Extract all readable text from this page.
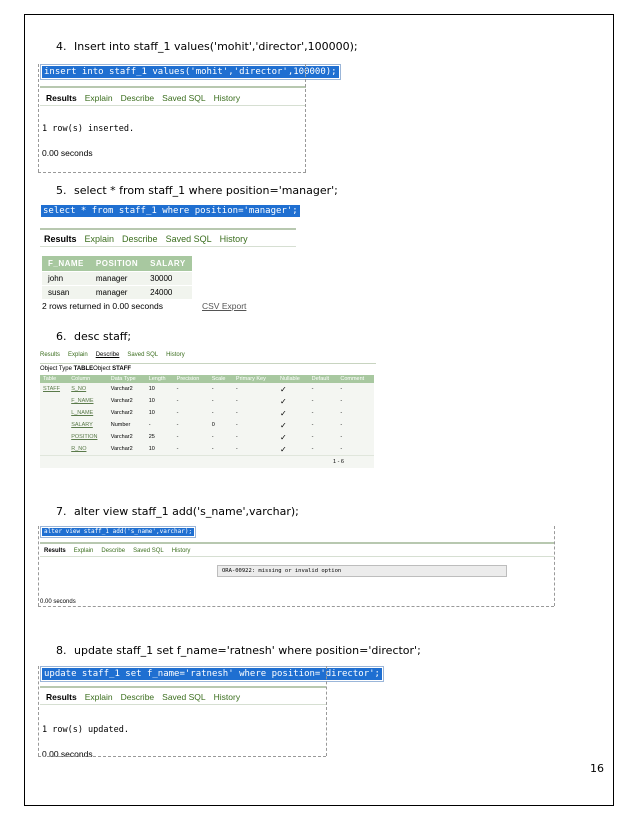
4. Insert into staff_1 values('mohit','director',100000);
insert into staff_1 values('mohit','director',100000);
Results Explain Describe Saved SQL History
1 row(s) inserted.
0.00 seconds
5. select * from staff_1 where position='manager';
select * from staff_1 where position='manager';
Results Explain Describe Saved SQL History
F_NAME	POSITION	SALARY
john	manager	30000
susan	manager	24000
2 rows returned in 0.00 seconds	CSV Export
6. desc staff;
Results Explain Describe Saved SQL History
Object Type TABLEObject STAFF
Table	Column	Data Type	Length	Precision	Scale	Primary Key	Nullable	Default	Comment
STAFF	S_NO	Varchar2	10	-	-	-	✓	-	-
	F_NAME	Varchar2	10	-	-	-	✓	-	-
	L_NAME	Varchar2	10	-	-	-	✓	-	-
	SALARY	Number	-	-	0	-	✓	-	-
	POSITION	Varchar2	25	-	-	-	✓	-	-
	R_NO	Varchar2	10	-	-	-	✓	-	-
1 - 6
7. alter view staff_1 add('s_name',varchar);
alter view staff_1 add('s_name',varchar);
Results Explain Describe Saved SQL History
0.00 seconds
ORA-00922: missing or invalid option
8. update staff_1 set f_name='ratnesh' where position='director';
update staff_1 set f_name='ratnesh' where position='director';
Results Explain Describe Saved SQL History
1 row(s) updated.
0.00 seconds
16
